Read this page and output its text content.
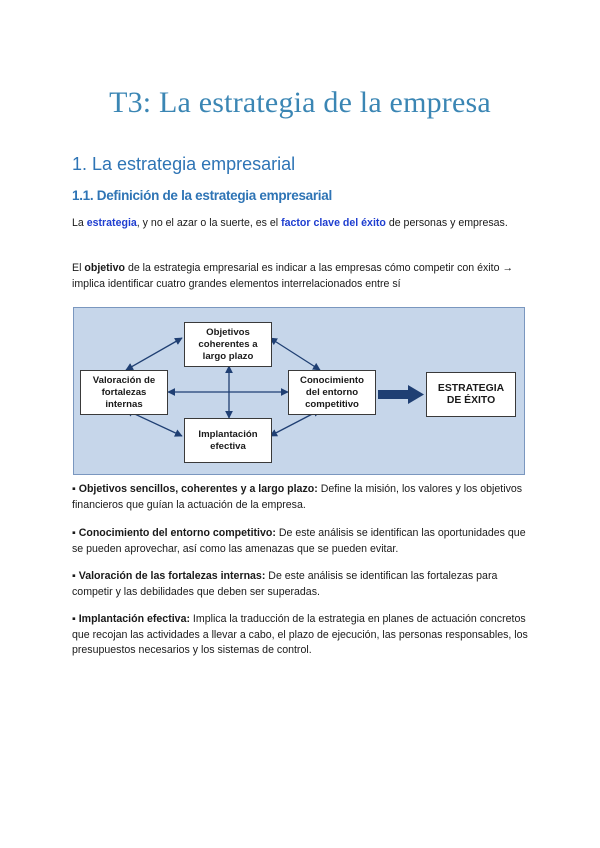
T3: La estrategia de la empresa
1. La estrategia empresarial
1.1. Definición de la estrategia empresarial
La estrategia, y no el azar o la suerte, es el factor clave del éxito de personas y empresas.
El objetivo de la estrategia empresarial es indicar a las empresas cómo competir con éxito → implica identificar cuatro grandes elementos interrelacionados entre sí
Objetivos coherentes a largo plazo
Valoración de fortalezas internas
Conocimiento del entorno competitivo
Implantación efectiva
ESTRATEGIA DE ÉXITO
▪ Objetivos sencillos, coherentes y a largo plazo: Define la misión, los valores y los objetivos financieros que guían la actuación de la empresa.
▪ Conocimiento del entorno competitivo: De este análisis se identifican las oportunidades que se pueden aprovechar, así como las amenazas que se pueden evitar.
▪ Valoración de las fortalezas internas: De este análisis se identifican las fortalezas para competir y las debilidades que deben ser superadas.
▪ Implantación efectiva: Implica la traducción de la estrategia en planes de actuación concretos que recojan las actividades a llevar a cabo, el plazo de ejecución, las personas responsables, los presupuestos necesarios y los sistemas de control.
